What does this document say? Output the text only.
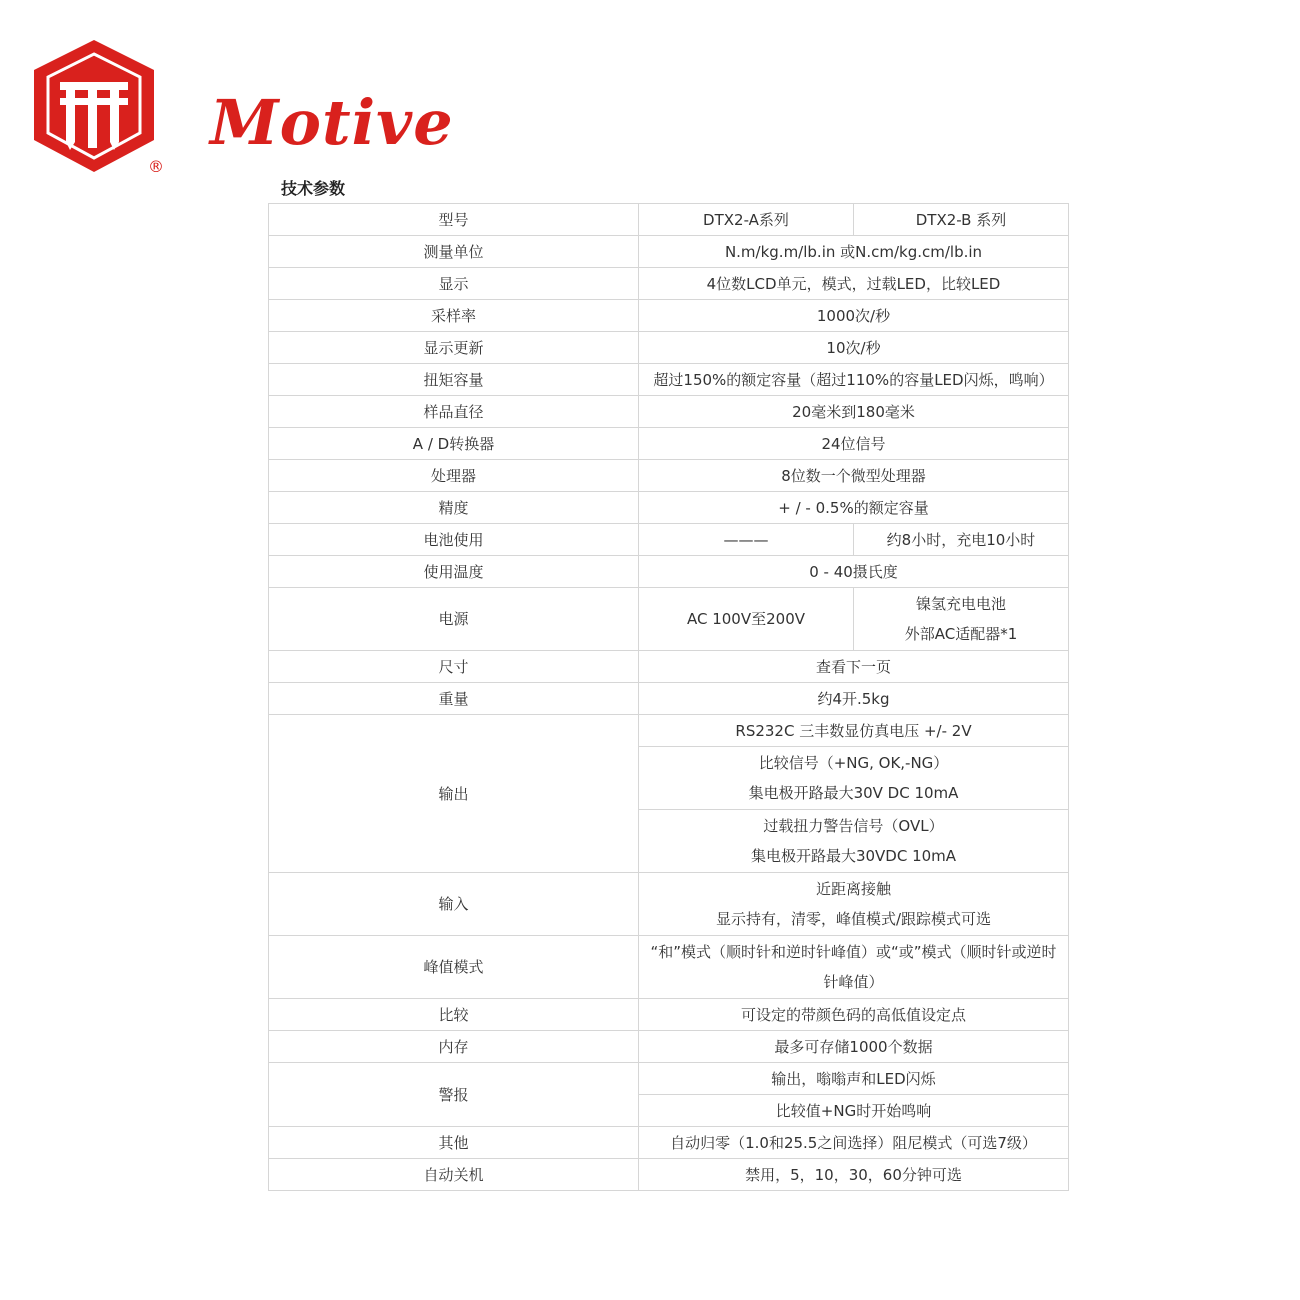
®
Motive
技术参数
型号	DTX2-A系列	DTX2-B 系列
测量单位	N.m/kg.m/lb.in 或N.cm/kg.cm/lb.in	
显示	4位数LCD单元，模式，过载LED，比较LED	
采样率	1000次/秒	
显示更新	10次/秒	
扭矩容量	超过150%的额定容量（超过110%的容量LED闪烁，鸣响）	
样品直径	20毫米到180毫米	
A / D转换器	24位信号	
处理器	8位数一个微型处理器	
精度	+ / - 0.5%的额定容量	
电池使用	———	约8小时，充电10小时
使用温度	0 - 40摄氏度	
电源	AC 100V至200V	镍氢充电电池
外部AC适配器*1

尺寸	查看下一页	
重量	约4开.5kg	
输出	RS232C 三丰数显仿真电压 +/- 2V	

	比较信号（+NG, OK,-NG）
集电极开路最大30V DC 10mA	

	过载扭力警告信号（OVL）
集电极开路最大30VDC 10mA	

输入	近距离接触
显示持有，清零，峰值模式/跟踪模式可选	

峰值模式	“和”模式（顺时针和逆时针峰值）或“或”模式（顺时针或逆时
针峰值）	

比较	可设定的带颜色码的高低值设定点	
内存	最多可存储1000个数据	
警报	输出，嗡嗡声和LED闪烁	
	比较值+NG时开始鸣响	
其他	自动归零（1.0和25.5之间选择）阻尼模式（可选7级）	
自动关机	禁用，5，10，30，60分钟可选	
